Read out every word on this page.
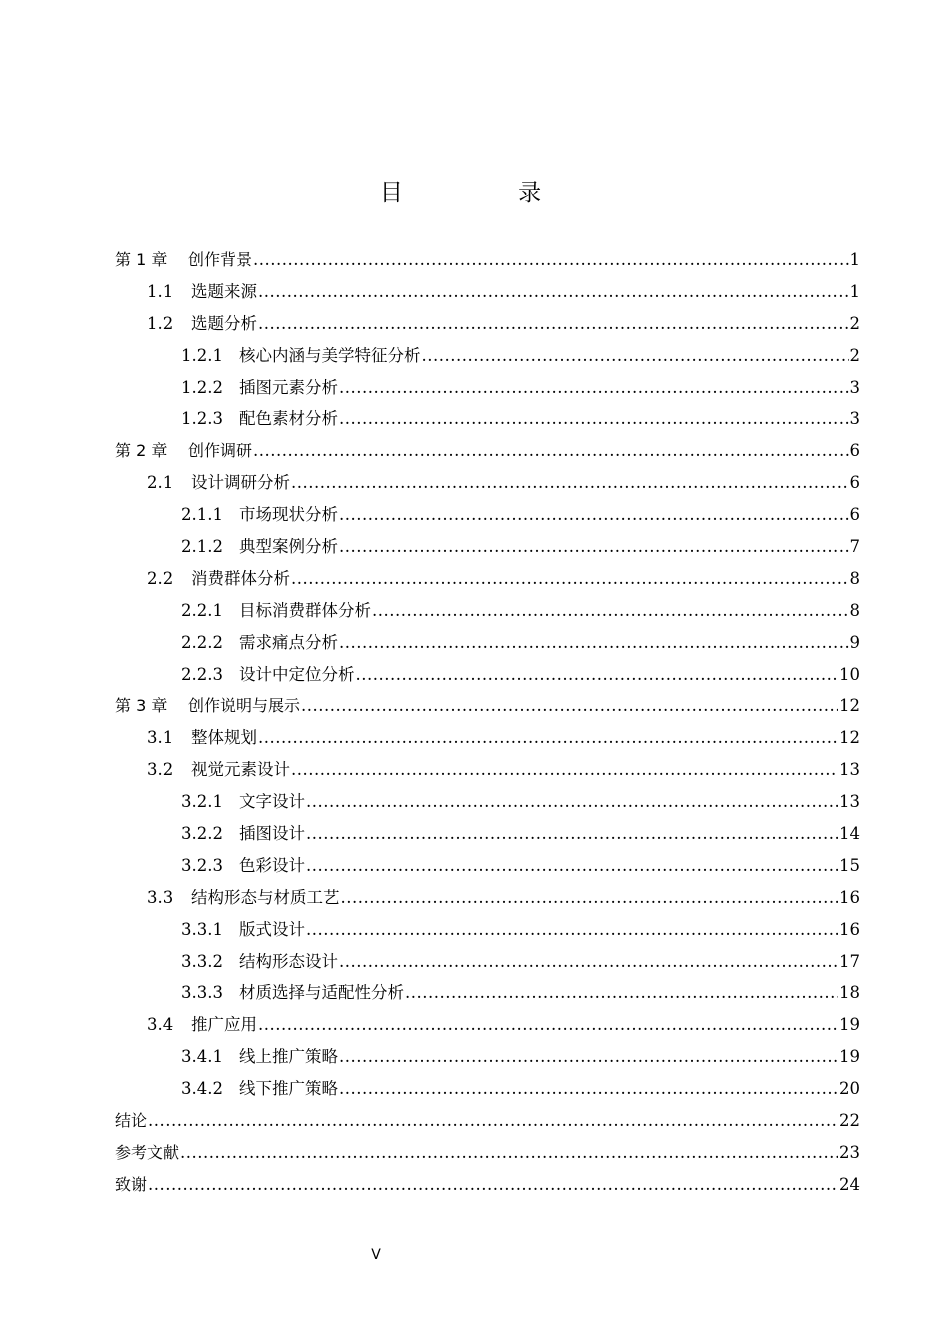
目 录
第 1 章	创作背景 .....	1
1.1	选题来源 .....	1
1.2	选题分析 .....	2
1.2.1 核心内涵与美学特征分析 .....	2
1.2.2 插图元素分析 .....	3
1.2.3 配色素材分析 .....	3
第 2 章	创作调研 .....	6
2.1	设计调研分析 .....	6
2.1.1 市场现状分析 .....	6
2.1.2 典型案例分析 .....	7
2.2	消费群体分析 .....	8
2.2.1 目标消费群体分析 .....	8
2.2.2 需求痛点分析 .....	9
2.2.3 设计中定位分析 .....	10
第 3 章	创作说明与展示 .....	12
3.1	整体规划 .....	12
3.2	视觉元素设计 .....	13
3.2.1 文字设计 .....	13
3.2.2 插图设计 .....	14
3.2.3 色彩设计 .....	15
3.3	结构形态与材质工艺 .....	16
3.3.1 版式设计 .....	16
3.3.2 结构形态设计 .....	17
3.3.3 材质选择与适配性分析 .....	18
3.4	推广应用 .....	19
3.4.1 线上推广策略 .....	19
3.4.2 线下推广策略 .....	20
结论 .....	22
参考文献 .....	23
致谢 .....	24
V
